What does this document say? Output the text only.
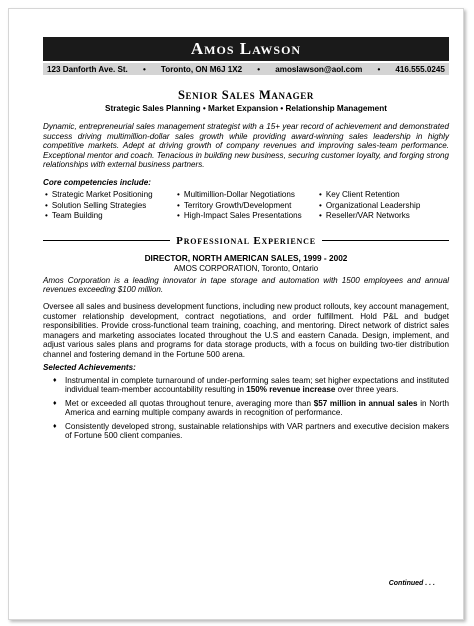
Amos Lawson
123 Danforth Ave. St. • Toronto, ON M6J 1X2 • amoslawson@aol.com • 416.555.0245
Senior Sales Manager
Strategic Sales Planning • Market Expansion • Relationship Management
Dynamic, entrepreneurial sales management strategist with a 15+ year record of achievement and demonstrated success driving multimillion-dollar sales growth while providing award-winning sales leadership in highly competitive markets. Adept at driving growth of company revenues and improving sales-team performance. Exceptional mentor and coach. Tenacious in building new business, securing customer loyalty, and forging strong relationships with external business partners.
Core competencies include:
• Strategic Market Positioning
• Solution Selling Strategies
• Team Building
• Multimillion-Dollar Negotiations
• Territory Growth/Development
• High-Impact Sales Presentations
• Key Client Retention
• Organizational Leadership
• Reseller/VAR Networks
Professional Experience
DIRECTOR, NORTH AMERICAN SALES, 1999 - 2002
AMOS CORPORATION, Toronto, Ontario
Amos Corporation is a leading innovator in tape storage and automation with 1500 employees and annual revenues exceeding $100 million.
Oversee all sales and business development functions, including new product rollouts, key account management, customer relationship development, contract negotiations, and order fulfillment. Hold P&L and budget responsibilities. Provide cross-functional team training, coaching, and mentoring. Direct network of district sales managers and marketing associates located throughout the U.S and eastern Canada. Design, implement, and adjust various sales plans and programs for data storage products, with a focus on building two-tier distribution channel and fostering demand in the Fortune 500 arena.
Selected Achievements:
♦	Instrumental in complete turnaround of under-performing sales team; set higher expectations and instituted individual team-member accountability resulting in 150% revenue increase over three years.
♦	Met or exceeded all quotas throughout tenure, averaging more than $57 million in annual sales in North America and earning multiple company awards in recognition of performance.
♦	Consistently developed strong, sustainable relationships with VAR partners and executive decision makers of Fortune 500 client companies.
Continued . . .
